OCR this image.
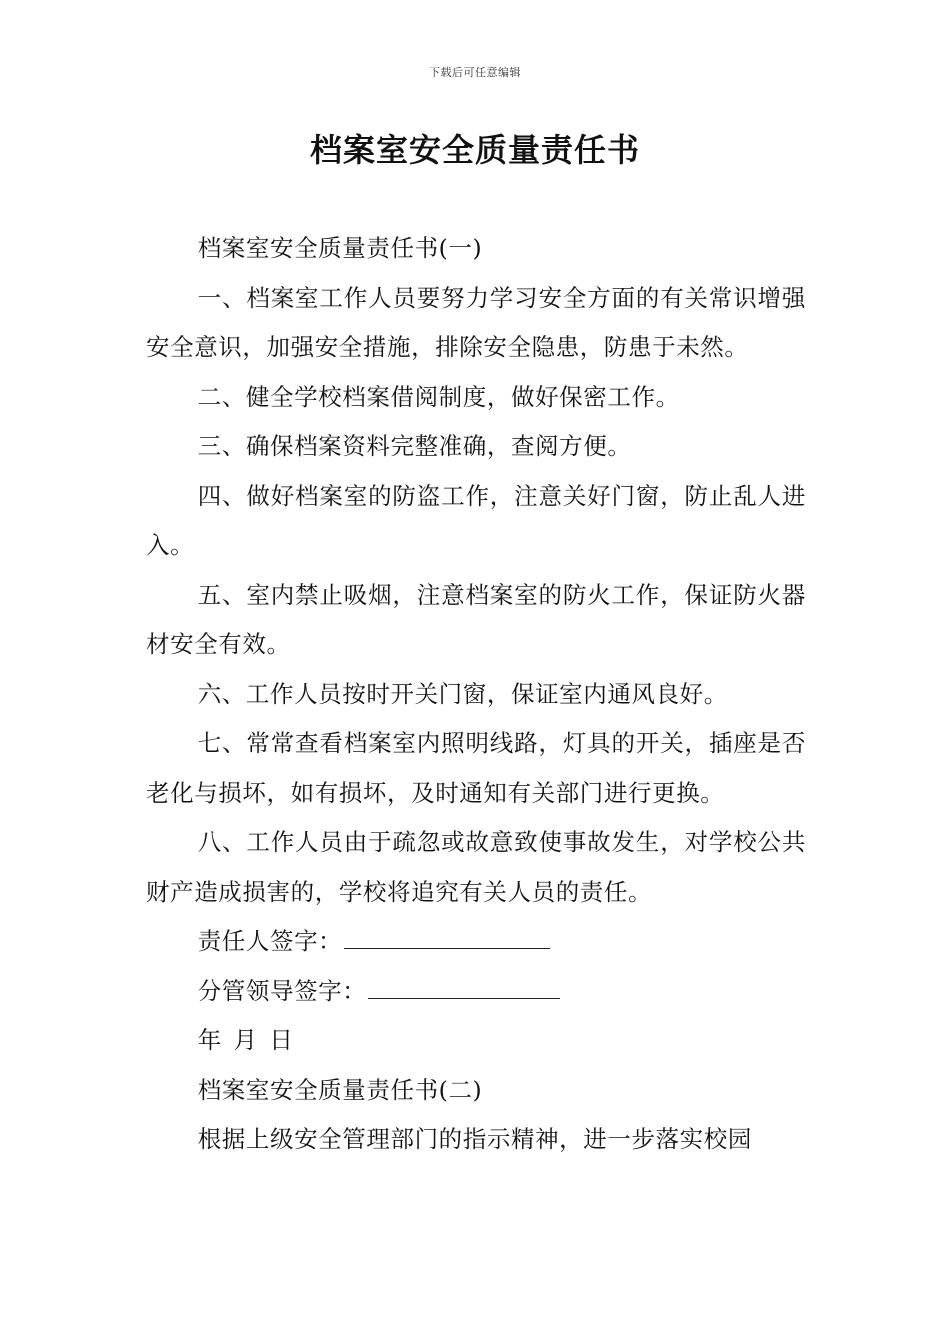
下载后可任意编辑
档案室安全质量责任书

档案室安全质量责任书(一)

一、档案室工作人员要努力学习安全方面的有关常识增强安全意识，加强安全措施，排除安全隐患，防患于未然。

二、健全学校档案借阅制度，做好保密工作。

三、确保档案资料完整准确，查阅方便。

四、做好档案室的防盗工作，注意关好门窗，防止乱人进入。

五、室内禁止吸烟，注意档案室的防火工作，保证防火器材安全有效。

六、工作人员按时开关门窗，保证室内通风良好。

七、常常查看档案室内照明线路，灯具的开关，插座是否老化与损坏，如有损坏，及时通知有关部门进行更换。

八、工作人员由于疏忽或故意致使事故发生，对学校公共财产造成损害的，学校将追究有关人员的责任。

责任人签字：

分管领导签字：

年 月 日

档案室安全质量责任书(二)

根据上级安全管理部门的指示精神，进一步落实校园
